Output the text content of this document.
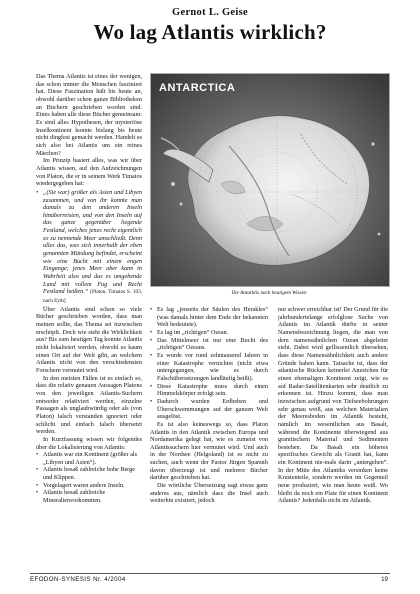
Gernot L. Geise
Wo lag Atlantis wirklich?

Das Thema Atlantis ist eines der wenigen, das schon immer die Menschen fasziniert hat. Diese Faszination hält bis heute an, obwohl darüber schon ganze Bibliotheken an Büchern geschrieben worden sind. Eines haben alle diese Bücher gemeinsam: Es sind alles Hypothesen, der mysteriöse Inselkontinent konnte bislang bis heute nicht dingfest gemacht werden. Handelt es sich also bei Atlantis um ein reines Märchen?

Im Prinzip basiert alles, was wir über Atlantis wissen, auf den Aufzeichnungen von Platon, die er in seinem Werk Timaios wiedergegeben hat:

• „(Sie war) größer als Asien und Libyen zusammen, und von ihr konnte man damals zu den anderen Inseln hinüberreisten, und von den Inseln auf das ganze gegenüber liegende Festland, welches jenes recht eigentlich so zu nennende Meer umschließt. Denn alles das, was sich innerhalb der eben genannten Mündung befindet, erscheint wie eine Bucht mit einem engen Eingange; jenes Meer aber kann in Wahrheit also und das es umgebende Land mit vollem Fug und Recht Festland heißen.“ [Platon, Timaios S. 103, nach Eyth]

Über Atlantis sind schon so viele Bücher geschrieben worden, dass man meinen sollte, das Thema sei inzwischen erschöpft. Doch wie steht die Wirklichkeit aus? Bis zum heutigen Tag konnte Atlantis nicht lokalisiert werden, obwohl es kaum einen Ort auf der Welt gibt, an welchem Atlantis nicht von den verschiedensten Forschern vermutet wird.

In den meisten Fällen ist es einfach so, dass die relativ genauen Aussagen Platons von den jeweiligen Atlantis-Suchern entweder relativiert werden, einzelne Passagen als unglaubwürdig oder als (von Platon) falsch verstanden ignoriert oder schlicht und einfach falsch übersetzt werden.

In Kurzfassung wissen wir folgendes über die Lokalisierung von Atlantis:

• Atlantis war ein Kontinent (größer als „Libyen und Asien“).
• Atlantis besaß zahlreiche hohe Berge und Klippen.
• Vorgelagert waren andere Inseln.
• Atlantis besaß zahlreiche Mineralienvorkommen.
ANTARCTICA
Die Antarktis nach heutigem Wissen
• Es lag „jenseits der Säulen des Herakles“ (was damals hinter dem Ende der bekannten Welt bedeutete).
• Es lag im „richtigen“ Ozean.
• Das Mittelmeer ist nur eine Bucht des „richtigen“ Ozeans.
• Es wurde vor rund zehntausend Jahren in einer Katastrophe vernichtet (nicht etwa untergegangen, wie es durch Falschübersetzungen landläufig heißt).
• Diese Katastrophe muss durch einen Himmelskörper erfolgt sein.
• Dadurch wurden Erdbeben und Überschwemmungen auf der ganzen Welt ausgelöst.

Es ist also keineswegs so, dass Platon Atlantis in den Atlantik zwischen Europa und Nordamerika gelegt hat, wie es zumeist von Atlantissuchern hier vermutet wird. Und auch in der Nordsee (Helgoland) ist es nicht zu suchen, auch wenn der Pastor Jürgen Spanuth davon überzeugt ist und mehrere Bücher darüber geschrieben hat.

Die wörtliche Übersetzung sagt etwas ganz anderes aus, nämlich dass die Insel auch weiterhin existiert, jedoch

nur schwer erreichbar ist! Der Grund für die jahrhundertelange erfolglose Suche von Atlantis im Atlantik dürfte in seiner Namensbezeichnung liegen, die man von dem namensähnlichen Ozean abgeleitet sieht. Dabei wird geflissentlich übersehen, dass diese Namensähnlichkeit auch andere Gründe haben kann. Tatsache ist, dass der atlantische Rücken keinerlei Anzeichen für einen ehemaligen Kontinent zeigt, wie es auf Radar-Satellitenkarten sehr deutlich zu erkennen ist. Hinzu kommt, dass man inzwischen aufgrund von Tiefseebohrungen sehr genau weiß, aus welchen Materialien der Meeresboden im Atlantik besteht, nämlich im wesentlichen aus Basalt, während die Kontinente überwiegend aus granitischem Material und Sedimenten bestehen. Da Basalt ein höheres spezifisches Gewicht als Granit hat, kann ein Kontinent nie-mals darin „untergehen“. In der Mitte des Atlantiks versinken keine Krustenteile, sondern werden im Gegenteil neue produziert, wie man heute weiß. Wo bleibt da noch ein Platz für einen Kontinent Atlantis? Jedenfalls nicht im Atlantik.

EFODON-SYNESIS Nr. 4/2004	19
